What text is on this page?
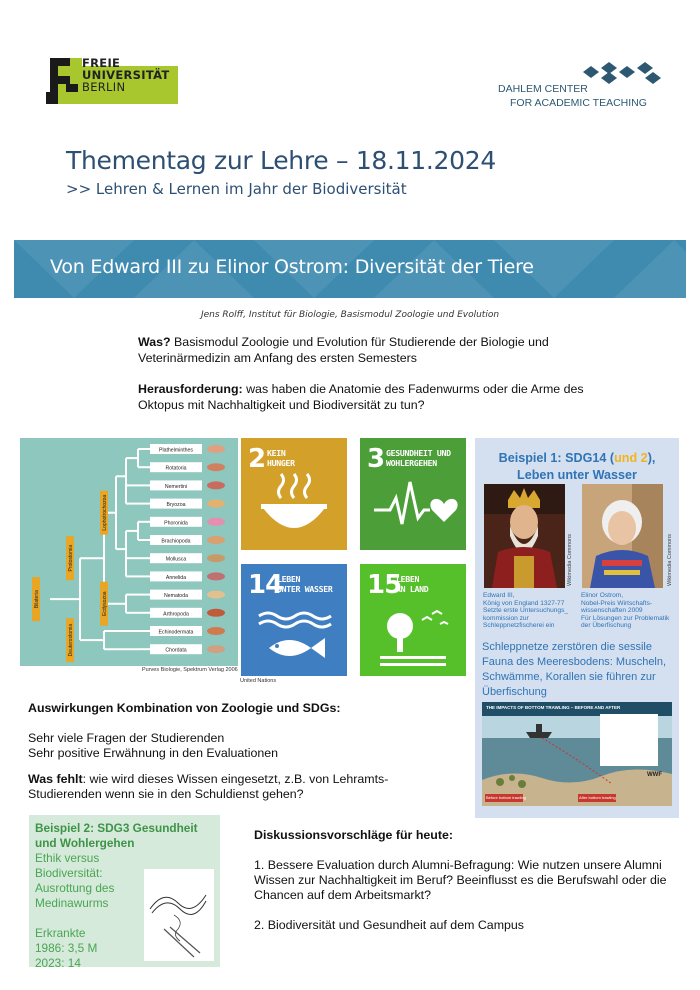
FREIE
UNIVERSITÄT
BERLIN	DAHLEM CENTER
FOR ACADEMIC TEACHING
Thementag zur Lehre – 18.11.2024
>> Lehren & Lernen im Jahr der Biodiversität
Von Edward III zu Elinor Ostrom: Diversität der Tiere
Jens Rolff, Institut für Biologie, Basismodul Zoologie und Evolution

Was? Basismodul Zoologie und Evolution für Studierende der Biologie und Veterinärmedizin am Anfang des ersten Semesters

Herausforderung: was haben die Anatomie des Fadenwurms oder die Arme des Oktopus mit Nachhaltigkeit und Biodiversität zu tun?

Plathelminthes
Rotatoria
Nemertini
Bryozoa
Phoronida
Brachiopoda
Mollusca
Annelida
Nematoda
Arthropoda
Echinodermata
Chordata
Bilateria
Protostomia
Lophotrochozoa
Ecdysozoa
Deuterostomia
Purves Biologie, Spektrum Verlag 2006
2 KEIN
HUNGER	3 GESUNDHEIT UND
WOHLERGEHEN
14
LEBEN
UNTER WASSER 15
LEBEN
AN LAND
United Nations
Beispiel 1: SDG14 (und 2),
Leben unter Wasser
Wikimedia Commons	Wikimedia Commons
Edward III,
König von England 1327-77
Setzte erste Untersuchungs_
kommission zur
Schleppnetzfischerei ein
Elinor Ostrom,
Nobel-Preis Wirtschafts-
wissenschaften 2009
Für Lösungen zur Problematik
der Überfischung
Schleppnetze zerstören die sessile Fauna des Meeresbodens: Muscheln, Schwämme, Korallen sie führen zur Überfischung
THE IMPACTS OF BOTTOM TRAWLING – BEFORE AND AFTER
Before bottom trawling	After bottom trawling
WWF

Auswirkungen Kombination von Zoologie und SDGs:

Sehr viele Fragen der Studierenden
Sehr positive Erwähnung in den Evaluationen

Was fehlt: wie wird dieses Wissen eingesetzt, z.B. von Lehramts-Studierenden wenn sie in den Schuldienst gehen?

Beispiel 2: SDG3 Gesundheit und Wohlergehen

Ethik versus Biodiversität: Ausrottung des Medinawurms

Erkrankte
1986: 3,5 M
2023: 14

Diskussionsvorschläge für heute:

1. Bessere Evaluation durch Alumni-Befragung: Wie nutzen unsere Alumni Wissen zur Nachhaltigkeit im Beruf? Beeinflusst es die Berufswahl oder die Chancen auf dem Arbeitsmarkt?

2. Biodiversität und Gesundheit auf dem Campus
